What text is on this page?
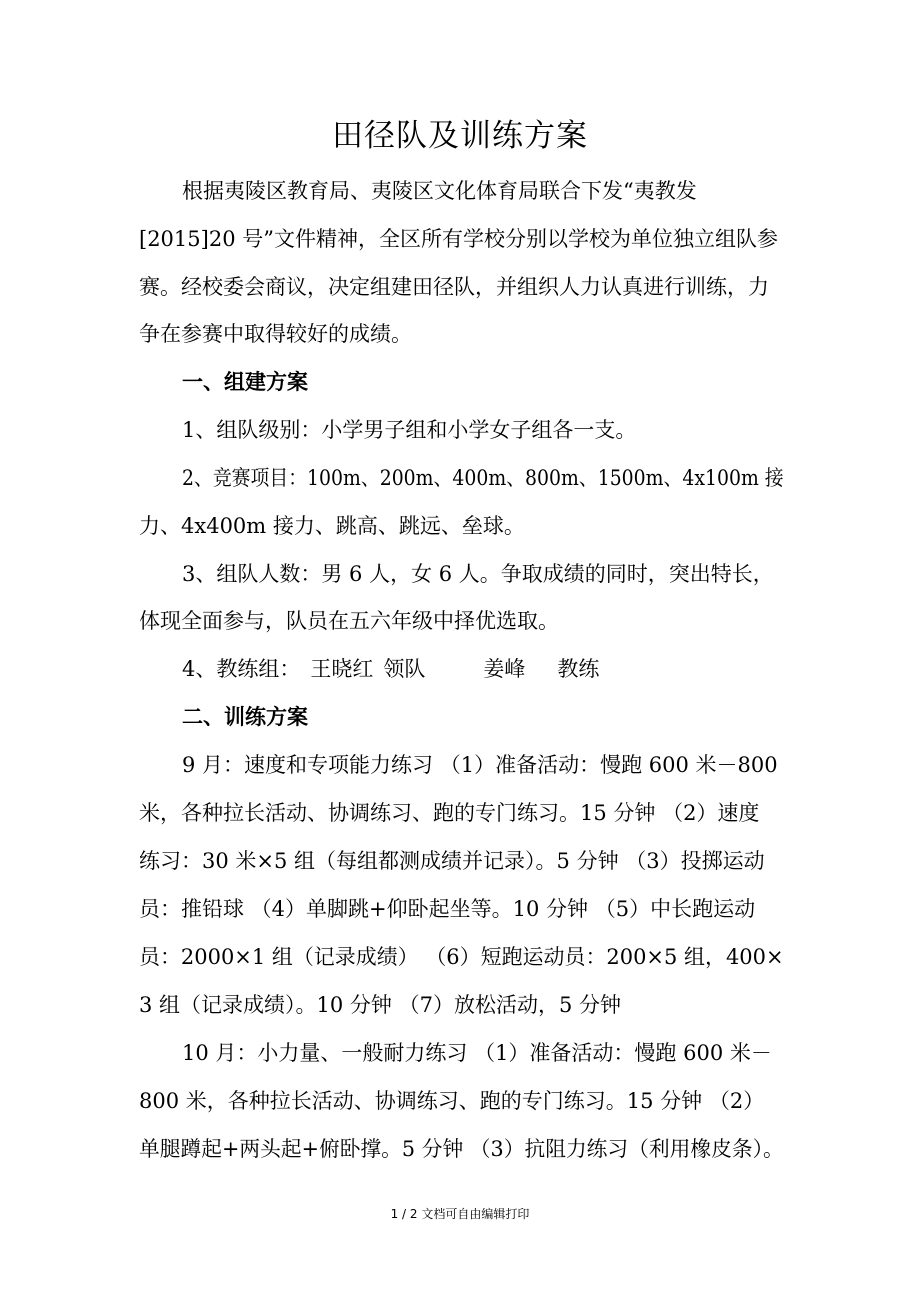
田径队及训练方案
根据夷陵区教育局、夷陵区文化体育局联合下发“夷教发
[2015]20 号”文件精神，全区所有学校分别以学校为单位独立组队参
赛。经校委会商议，决定组建田径队，并组织人力认真进行训练，力
争在参赛中取得较好的成绩。
一、组建方案
1、组队级别：小学男子组和小学女子组各一支。
2、竞赛项目：100m、200m、400m、800m、1500m、4x100m 接
力、4x400m 接力、跳高、跳远、垒球。
3、组队人数：男 6 人，女 6 人。争取成绩的同时，突出特长，
体现全面参与，队员在五六年级中择优选取。
4、教练组： 王晓红 领队	姜峰 教练
二、训练方案
9 月：速度和专项能力练习 （1）准备活动：慢跑 600 米－800
米，各种拉长活动、协调练习、跑的专门练习。15 分钟 （2）速度
练习：30 米×5 组（每组都测成绩并记录）。5 分钟 （3）投掷运动
员：推铅球 （4）单脚跳+仰卧起坐等。10 分钟 （5）中长跑运动
员：2000×1 组（记录成绩） （6）短跑运动员：200×5 组，400×
3 组（记录成绩）。10 分钟 （7）放松活动，5 分钟
10 月：小力量、一般耐力练习 （1）准备活动：慢跑 600 米－
800 米，各种拉长活动、协调练习、跑的专门练习。15 分钟 （2）
单腿蹲起+两头起+俯卧撑。5 分钟 （3）抗阻力练习（利用橡皮条）。
1 / 2 文档可自由编辑打印
